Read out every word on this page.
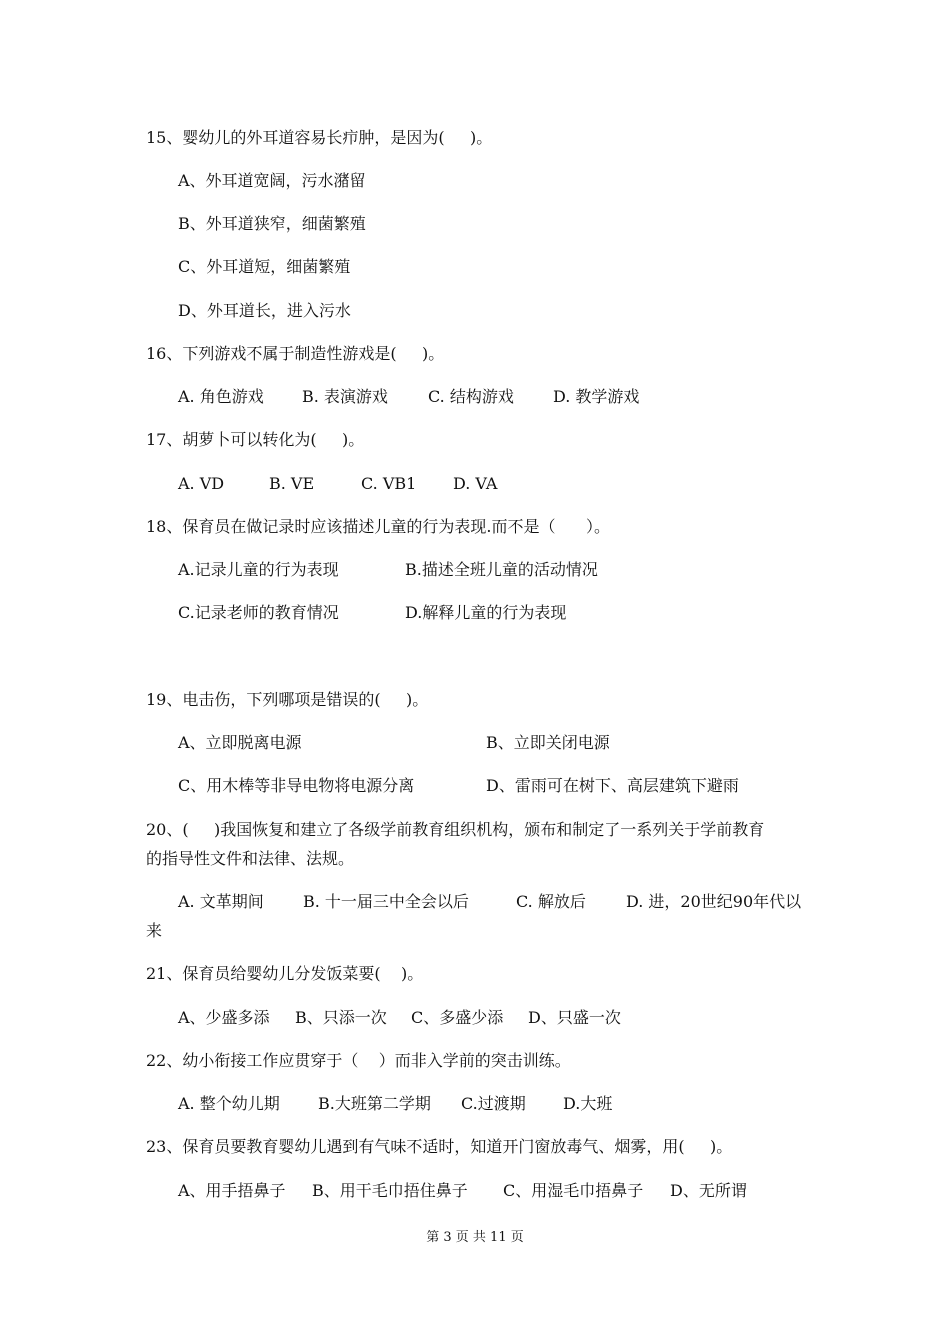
15、婴幼儿的外耳道容易长疖肿，是因为(     )。

A、外耳道宽阔，污水潴留

B、外耳道狭窄，细菌繁殖

C、外耳道短，细菌繁殖

D、外耳道长，进入污水

16、下列游戏不属于制造性游戏是(     )。

A. 角色游戏 B. 表演游戏	C. 结构游戏 D. 教学游戏

17、胡萝卜可以转化为(     )。

A. VD	B. VE	C. VB1 D. VA

18、保育员在做记录时应该描述儿童的行为表现.而不是（      ）。

A.记录儿童的行为表现	B.描述全班儿童的活动情况

C.记录老师的教育情况	D.解释儿童的行为表现

19、电击伤，下列哪项是错误的(     )。

A、立即脱离电源	B、立即关闭电源

C、用木棒等非导电物将电源分离	D、雷雨可在树下、高层建筑下避雨

20、(     )我国恢复和建立了各级学前教育组织机构，颁布和制定了一系列关于学前教育

的指导性文件和法律、法规。

A. 文革期间 B. 十一届三中全会以后	C. 解放后	D. 进，20世纪90年代以

来

21、保育员给婴幼儿分发饭菜要(    )。

A、少盛多添 B、只添一次 C、多盛少添 D、只盛一次

22、幼小衔接工作应贯穿于（    ）而非入学前的突击训练。

A. 整个幼儿期 B.大班第二学期 C.过渡期 D.大班

23、保育员要教育婴幼儿遇到有气味不适时，知道开门窗放毒气、烟雾，用(     )。

A、用手捂鼻子 B、用干毛巾捂住鼻子 C、用湿毛巾捂鼻子 D、无所谓

第 3 页 共 11 页
